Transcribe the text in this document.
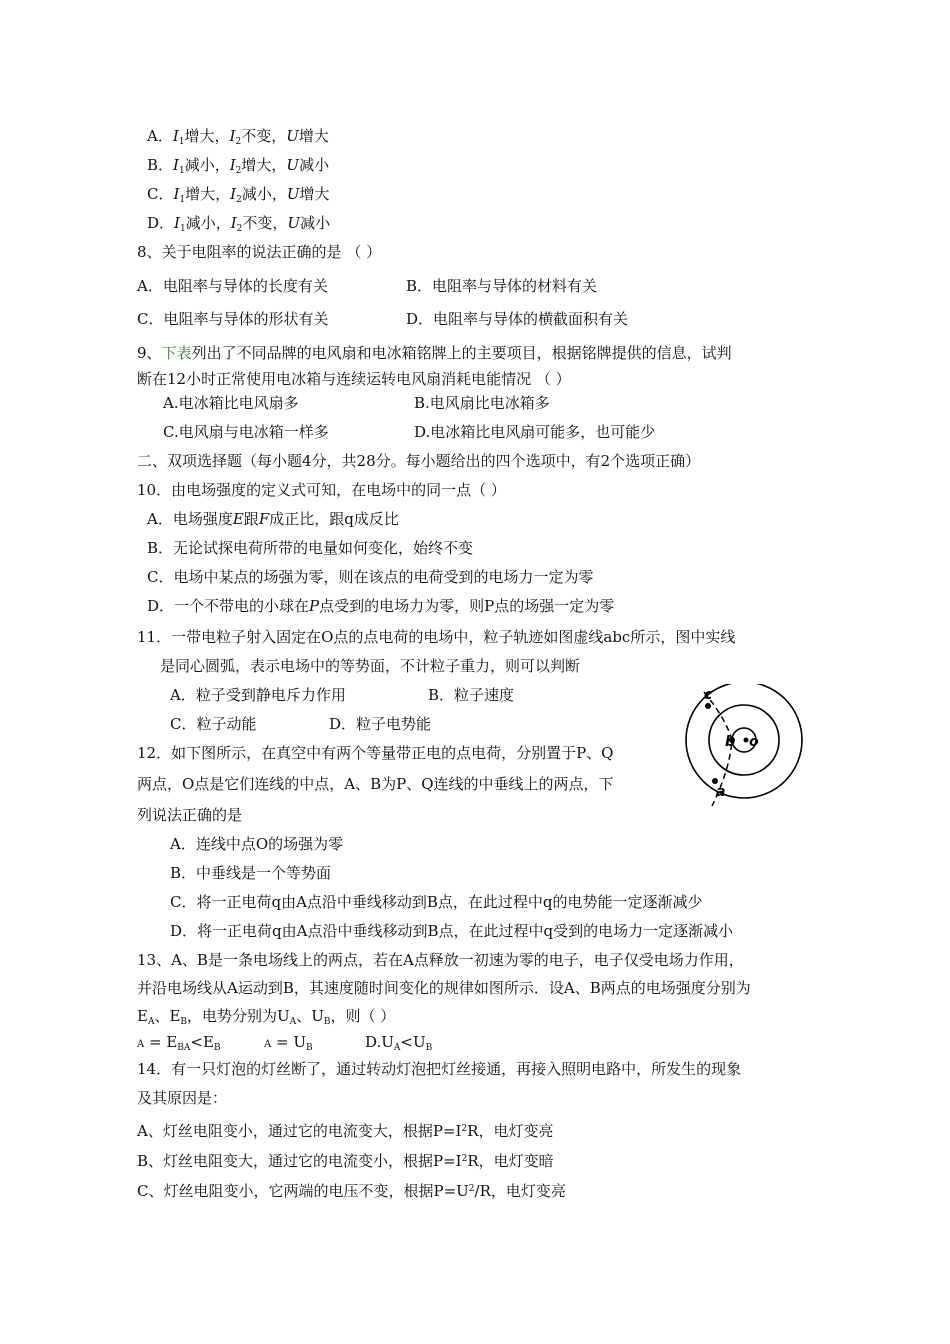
A．$I_1$增大，$I_2$不变，U增大
B．$I_1$减小，$I_2$增大，U减小
C．$I_1$增大，$I_2$减小，U增大
D．$I_1$减小，$I_2$不变，U减小
8、关于电阻率的说法正确的是 （ ）
A．电阻率与导体的长度有关	B．电阻率与导体的材料有关
C．电阻率与导体的形状有关	D．电阻率与导体的横截面积有关
9、下表列出了不同品牌的电风扇和电冰箱铭牌上的主要项目，根据铭牌提供的信息，试判
断在12小时正常使用电冰箱与连续运转电风扇消耗电能情况 （ ）
A.电冰箱比电风扇多	B.电风扇比电冰箱多
C.电风扇与电冰箱一样多	D.电冰箱比电风扇可能多，也可能少
二、双项选择题（每小题4分，共28分。每小题给出的四个选项中，有2个选项正确）
10．由电场强度的定义式可知，在电场中的同一点（ ）
A．电场强度E跟F成正比，跟q成反比
B．无论试探电荷所带的电量如何变化，始终不变
C．电场中某点的场强为零，则在该点的电荷受到的电场力一定为零
D．一个不带电的小球在P点受到的电场力为零，则P点的场强一定为零
11．一带电粒子射入固定在O点的点电荷的电场中，粒子轨迹如图虚线abc所示，图中实线
是同心圆弧，表示电场中的等势面，不计粒子重力，则可以判断
A．粒子受到静电斥力作用	B．粒子速度
C．粒子动能	D．粒子电势能
c
b o
a
12．如下图所示，在真空中有两个等量带正电的点电荷，分别置于P、Q
两点，O点是它们连线的中点，A、B为P、Q连线的中垂线上的两点，下
列说法正确的是
A．连线中点O的场强为零
B．中垂线是一个等势面
C．将一正电荷q由A点沿中垂线移动到B点，在此过程中q的电势能一定逐渐减少
D．将一正电荷q由A点沿中垂线移动到B点，在此过程中q受到的电场力一定逐渐减小
13、A、B是一条电场线上的两点，若在A点释放一初速为零的电子，电子仅受电场力作用，
并沿电场线从A运动到B，其速度随时间变化的规律如图所示．设A、B两点的电场强度分别为
$E_A$、$E_B$，电势分别为$U_A$、$U_B$，则（ ）
$A = E_{BA}<E_B$	$A = U_B$	$D.U_A<U_B$
14．有一只灯泡的灯丝断了，通过转动灯泡把灯丝接通，再接入照明电路中，所发生的现象
及其原因是：
A、灯丝电阻变小，通过它的电流变大，根据$P=I^2R$，电灯变亮
B、灯丝电阻变大，通过它的电流变小，根据$P=I^2R$，电灯变暗
C、灯丝电阻变小，它两端的电压不变，根据$P=U^2/R$，电灯变亮
